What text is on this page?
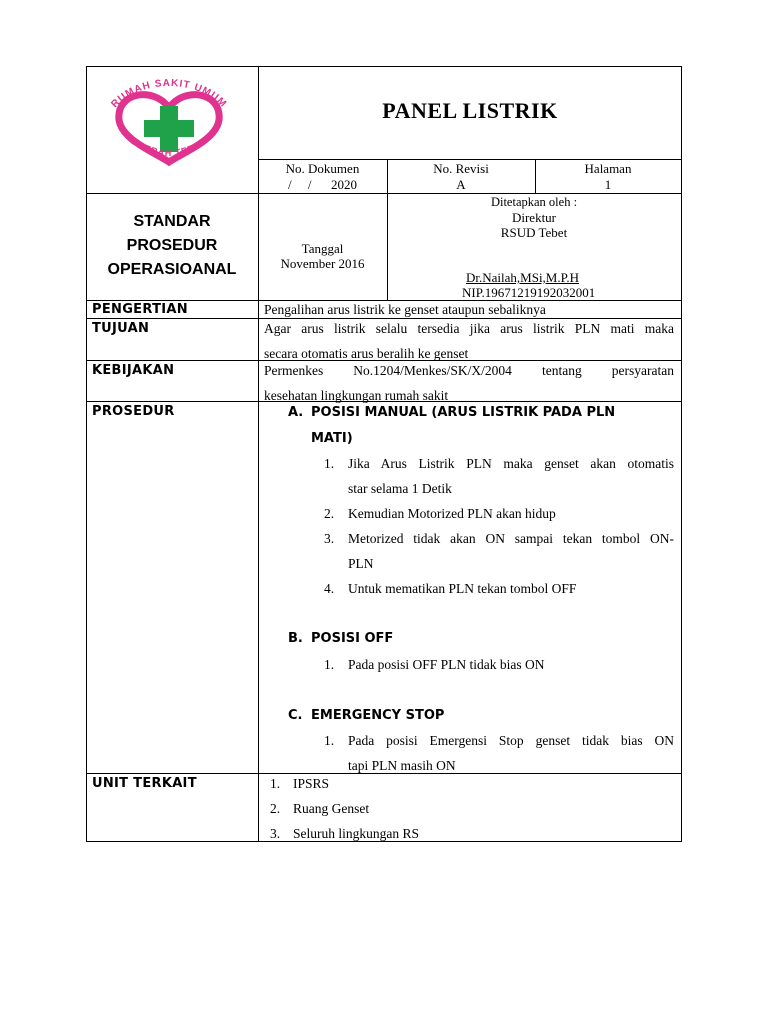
RUMAH SAKIT UMUM
DAERAH TEBET
PANEL LISTRIK
No. Dokumen
/     /      2020
No. Revisi
A
Halaman
1
STANDAR
PROSEDUR
OPERASIOANAL
Tanggal
November 2016
Ditetapkan oleh :
Direktur
RSUD Tebet
Dr.Nailah,MSi,M.P.H
NIP.19671219192032001
PENGERTIAN
TUJUAN
KEBIJAKAN
PROSEDUR
UNIT TERKAIT
Pengalihan arus listrik ke genset ataupun sebaliknya
Agar arus listrik selalu tersedia jika arus listrik PLN mati maka
secara otomatis arus beralih ke genset
Permenkes No.1204/Menkes/SK/X/2004 tentang persyaratan
kesehatan lingkungan rumah sakit
A. POSISI MANUAL (ARUS LISTRIK PADA PLN
MATI)
1. Jika Arus Listrik PLN maka genset akan otomatis
star selama 1 Detik
2. Kemudian Motorized PLN akan hidup
3. Metorized tidak akan ON sampai tekan tombol ON-
PLN
4. Untuk mematikan PLN tekan tombol OFF
B. POSISI OFF
1. Pada posisi OFF PLN tidak bias ON
C. EMERGENCY STOP
1. Pada posisi Emergensi Stop genset tidak bias ON
tapi PLN masih ON
1. IPSRS
2. Ruang Genset
3. Seluruh lingkungan RS
